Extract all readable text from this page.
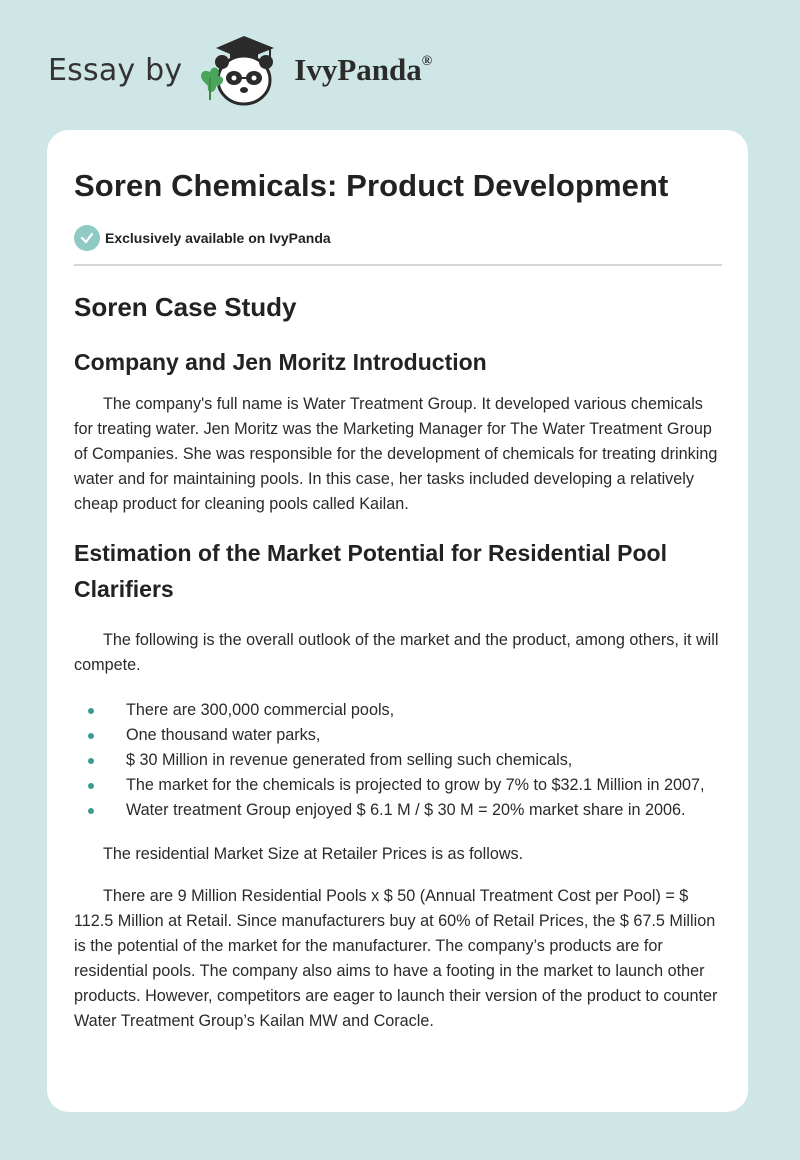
Essay by	IvyPanda®
Soren Chemicals: Product Development
Exclusively available on IvyPanda
Soren Case Study
Company and Jen Moritz Introduction

The company's full name is Water Treatment Group. It developed various chemicals for treating water. Jen Moritz was the Marketing Manager for The Water Treatment Group of Companies. She was responsible for the development of chemicals for treating drinking water and for maintaining pools. In this case, her tasks included developing a relatively cheap product for cleaning pools called Kailan.

Estimation of the Market Potential for Residential Pool Clarifiers

The following is the overall outlook of the market and the product, among others, it will compete.

There are 300,000 commercial pools,
One thousand water parks,
$ 30 Million in revenue generated from selling such chemicals,
The market for the chemicals is projected to grow by 7% to $32.1 Million in 2007,
Water treatment Group enjoyed $ 6.1 M / $ 30 M = 20% market share in 2006.

The residential Market Size at Retailer Prices is as follows.

There are 9 Million Residential Pools x $ 50 (Annual Treatment Cost per Pool) = $ 112.5 Million at Retail. Since manufacturers buy at 60% of Retail Prices, the $ 67.5 Million is the potential of the market for the manufacturer. The company’s products are for residential pools. The company also aims to have a footing in the market to launch other products. However, competitors are eager to launch their version of the product to counter Water Treatment Group’s Kailan MW and Coracle.
